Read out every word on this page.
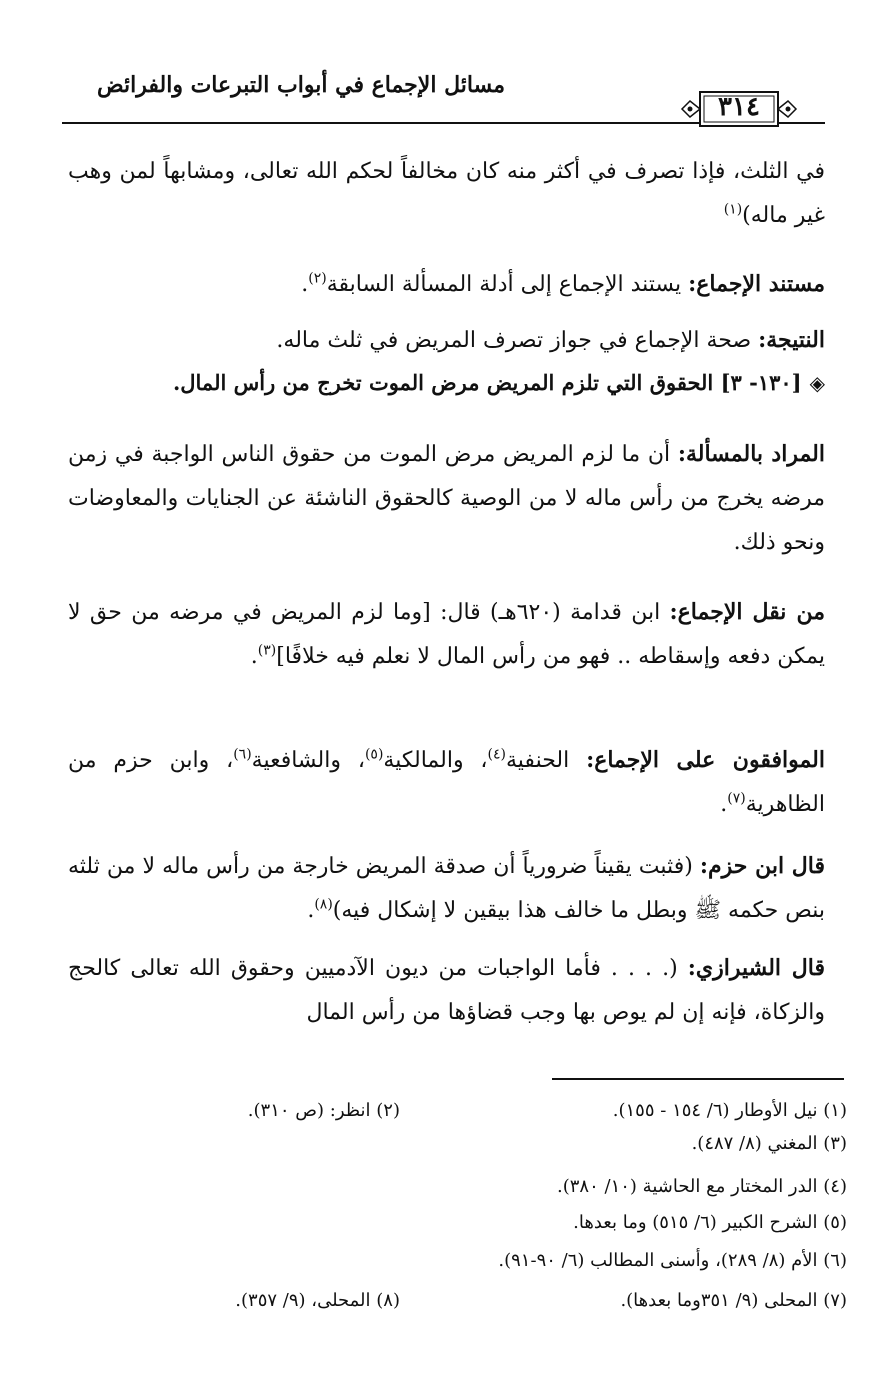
مسائل الإجماع في أبواب التبرعات والفرائض
٣١٤
في الثلث، فإذا تصرف في أكثر منه كان مخالفاً لحكم الله تعالى، ومشابهاً لمن وهب غير ماله)$^{(١)}$
مستند الإجماع: يستند الإجماع إلى أدلة المسألة السابقة$^{(٢)}$.
النتيجة: صحة الإجماع في جواز تصرف المريض في ثلث ماله.
◈[١٣٠- ٣] الحقوق التي تلزم المريض مرض الموت تخرج من رأس المال.
المراد بالمسألة: أن ما لزم المريض مرض الموت من حقوق الناس الواجبة في زمن مرضه يخرج من رأس ماله لا من الوصية كالحقوق الناشئة عن الجنايات والمعاوضات ونحو ذلك.
من نقل الإجماع: ابن قدامة (٦٢٠هـ) قال: [وما لزم المريض في مرضه من حق لا يمكن دفعه وإسقاطه .. فهو من رأس المال لا نعلم فيه خلافًا]$^{(٣)}$.
الموافقون على الإجماع: الحنفية$^{(٤)}$، والمالكية$^{(٥)}$، والشافعية$^{(٦)}$، وابن حزم من الظاهرية$^{(٧)}$.
قال ابن حزم: (فثبت يقيناً ضرورياً أن صدقة المريض خارجة من رأس ماله لا من ثلثه بنص حكمه ﷺ وبطل ما خالف هذا بيقين لا إشكال فيه)$^{(٨)}$.
قال الشيرازي: (. . . . فأما الواجبات من ديون الآدميين وحقوق الله تعالى كالحج والزكاة، فإنه إن لم يوص بها وجب قضاؤها من رأس المال
(١) نيل الأوطار (٦/ ١٥٤ - ١٥٥).
(٢) انظر: (ص ٣١٠).
(٣) المغني (٨/ ٤٨٧).
(٤) الدر المختار مع الحاشية (١٠/ ٣٨٠).
(٥) الشرح الكبير (٦/ ٥١٥) وما بعدها.
(٦) الأم (٨/ ٢٨٩)، وأسنى المطالب (٦/ ٩٠-٩١).
(٧) المحلى (٩/ ٣٥١وما بعدها).
(٨) المحلى، (٩/ ٣٥٧).
